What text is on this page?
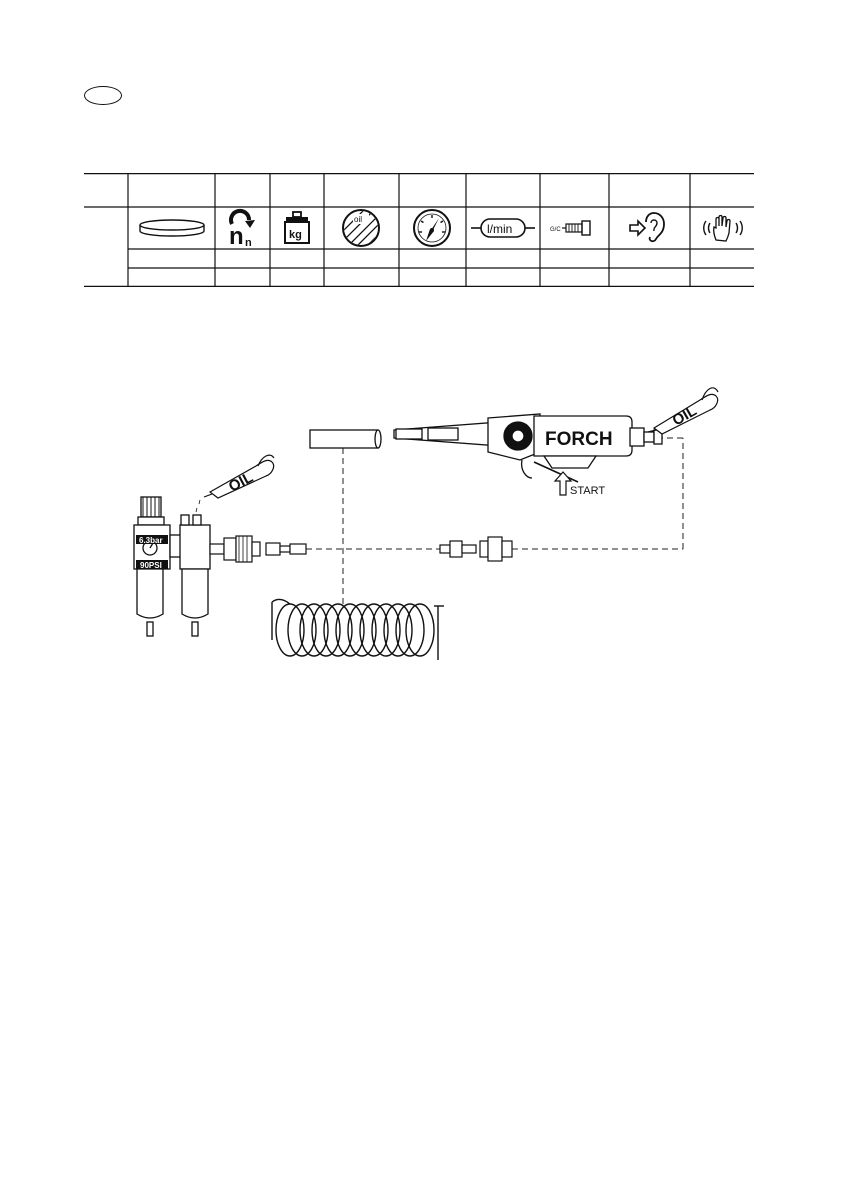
n n
kg
oil
l/min	G/C
6.3bar
90PSI
OIL
FORCH
START
OIL
